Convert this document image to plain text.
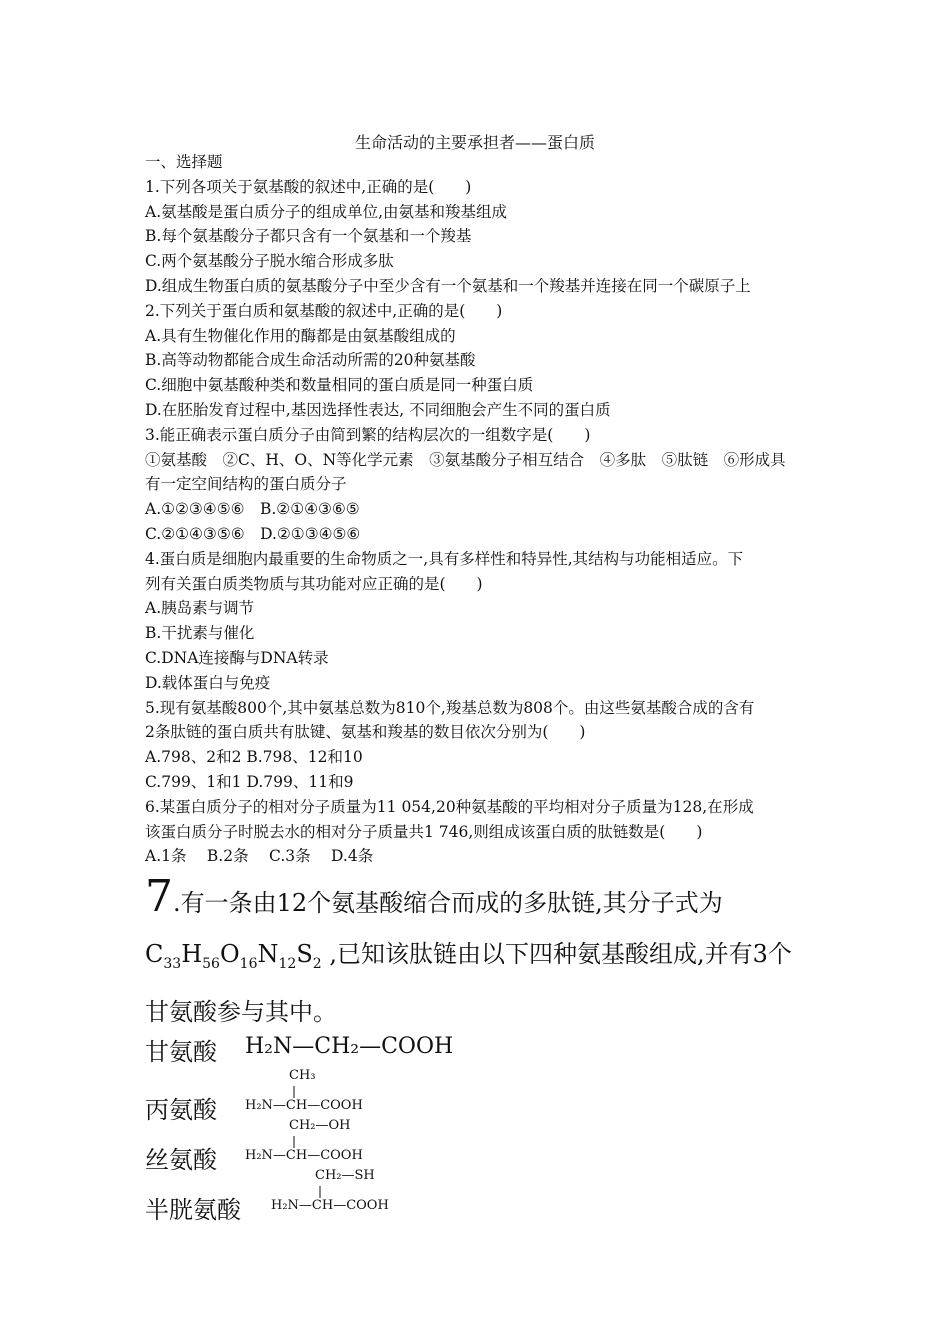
生命活动的主要承担者——蛋白质
一、选择题
1.下列各项关于氨基酸的叙述中,正确的是(　　)
A.氨基酸是蛋白质分子的组成单位,由氨基和羧基组成
B.每个氨基酸分子都只含有一个氨基和一个羧基
C.两个氨基酸分子脱水缩合形成多肽
D.组成生物蛋白质的氨基酸分子中至少含有一个氨基和一个羧基并连接在同一个碳原子上
2.下列关于蛋白质和氨基酸的叙述中,正确的是(　　)
A.具有生物催化作用的酶都是由氨基酸组成的
B.高等动物都能合成生命活动所需的20种氨基酸
C.细胞中氨基酸种类和数量相同的蛋白质是同一种蛋白质
D.在胚胎发育过程中,基因选择性表达, 不同细胞会产生不同的蛋白质
3.能正确表示蛋白质分子由简到繁的结构层次的一组数字是(　　)
①氨基酸　②C、H、O、N等化学元素　③氨基酸分子相互结合　④多肽　⑤肽链　⑥形成具
有一定空间结构的蛋白质分子
A.①②③④⑤⑥　B.②①④③⑥⑤
C.②①④③⑤⑥　D.②①③④⑤⑥
4.蛋白质是细胞内最重要的生命物质之一,具有多样性和特异性,其结构与功能相适应。下
列有关蛋白质类物质与其功能对应正确的是(　　)
A.胰岛素与调节
B.干扰素与催化
C.DNA连接酶与DNA转录
D.载体蛋白与免疫
5.现有氨基酸800个,其中氨基总数为810个,羧基总数为808个。由这些氨基酸合成的含有
2条肽链的蛋白质共有肽键、氨基和羧基的数目依次分别为(　　)
A.798、2和2 B.798、12和10
C.799、1和1 D.799、11和9
6.某蛋白质分子的相对分子质量为11 054,20种氨基酸的平均相对分子质量为128,在形成
该蛋白质分子时脱去水的相对分子质量共1 746,则组成该蛋白质的肽链数是(　　)
A.1条　 B.2条　 C.3条　 D.4条
7.有一条由12个氨基酸缩合而成的多肽链,其分子式为
$C_{33}H_{56}O_{16}N_{12}S_2$ ,已知该肽链由以下四种氨基酸组成,并有3个
甘氨酸参与其中。
甘氨酸 H₂N—CH₂—COOH
丙氨酸
CH₃
H₂N—CH—COOH
丝氨酸
CH₂—OH
H₂N—CH—COOH
半胱氨酸
CH₂—SH
H₂N—CH—COOH
